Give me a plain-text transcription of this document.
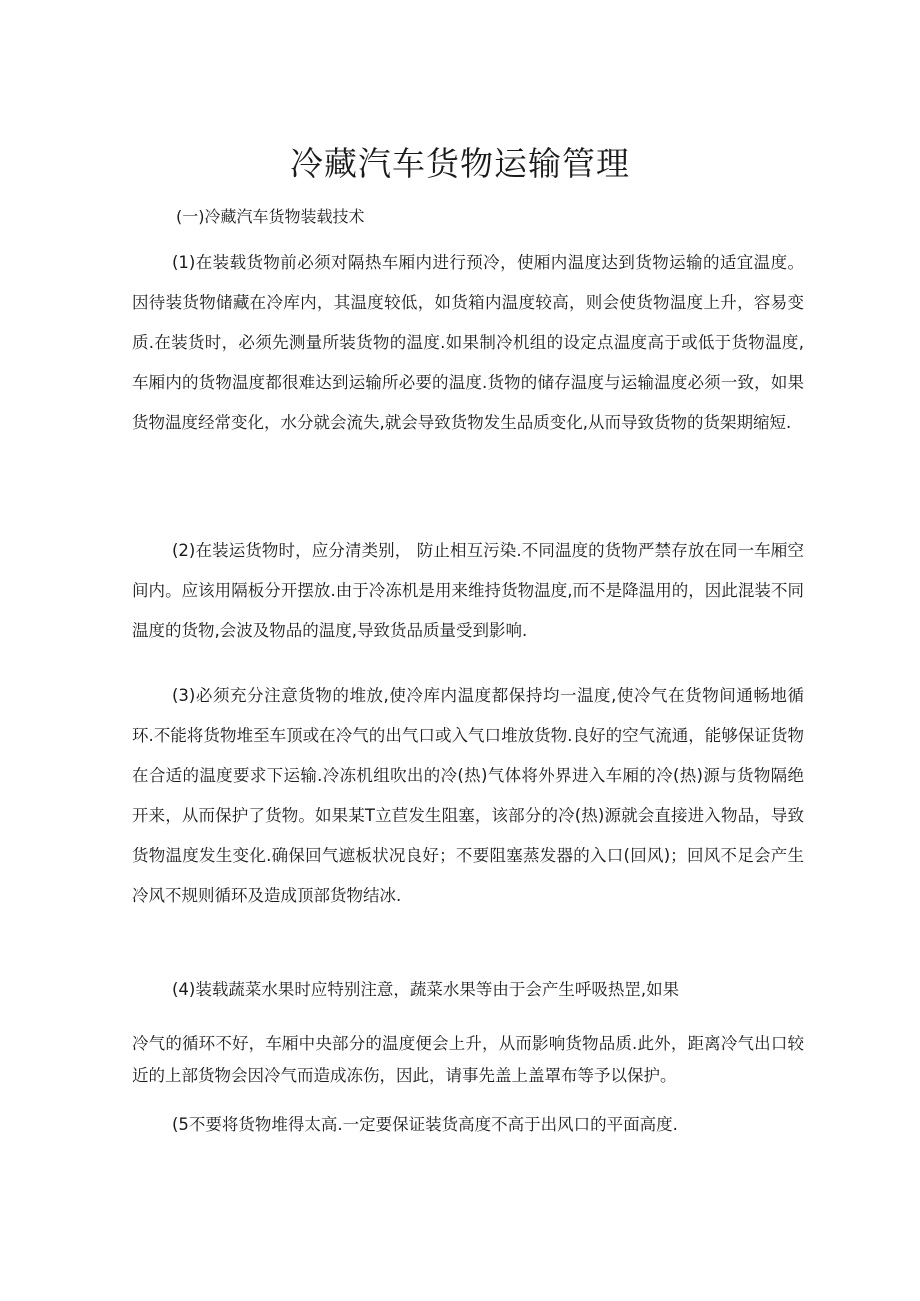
冷藏汽车货物运输管理

(一)冷藏汽车货物装载技术

(1)在装载货物前必须对隔热车厢内进行预冷，使厢内温度达到货物运输的适宜温度。因待装货物储藏在冷库内，其温度较低，如货箱内温度较高，则会使货物温度上升，容易变质.在装货时，必须先测量所装货物的温度.如果制冷机组的设定点温度高于或低于货物温度,车厢内的货物温度都很难达到运输所必要的温度.货物的储存温度与运输温度必须一致，如果货物温度经常变化，水分就会流失,就会导致货物发生品质变化,从而导致货物的货架期缩短.

(2)在装运货物时，应分清类别， 防止相互污染.不同温度的货物严禁存放在同一车厢空间内。应该用隔板分开摆放.由于冷冻机是用来维持货物温度,而不是降温用的，因此混装不同温度的货物,会波及物品的温度,导致货品质量受到影响.

(3)必须充分注意货物的堆放,使冷库内温度都保持均一温度,使冷气在货物间通畅地循环.不能将货物堆至车顶或在冷气的出气口或入气口堆放货物.良好的空气流通，能够保证货物在合适的温度要求下运输.冷冻机组吹出的冷(热)气体将外界进入车厢的冷(热)源与货物隔绝开来，从而保护了货物。如果某T立苣发生阻塞，该部分的冷(热)源就会直接进入物品，导致货物温度发生变化.确保回气遮板状况良好；不要阻塞蒸发器的入口(回风)；回风不足会产生冷风不规则循环及造成顶部货物结冰.

(4)装载蔬菜水果时应特别注意，蔬菜水果等由于会产生呼吸热罡,如果

冷气的循环不好，车厢中央部分的温度便会上升，从而影响货物品质.此外，距离冷气出口较近的上部货物会因冷气而造成冻伤，因此，请事先盖上盖罩布等予以保护。

(5不要将货物堆得太高.一定要保证装货高度不高于出风口的平面高度.
